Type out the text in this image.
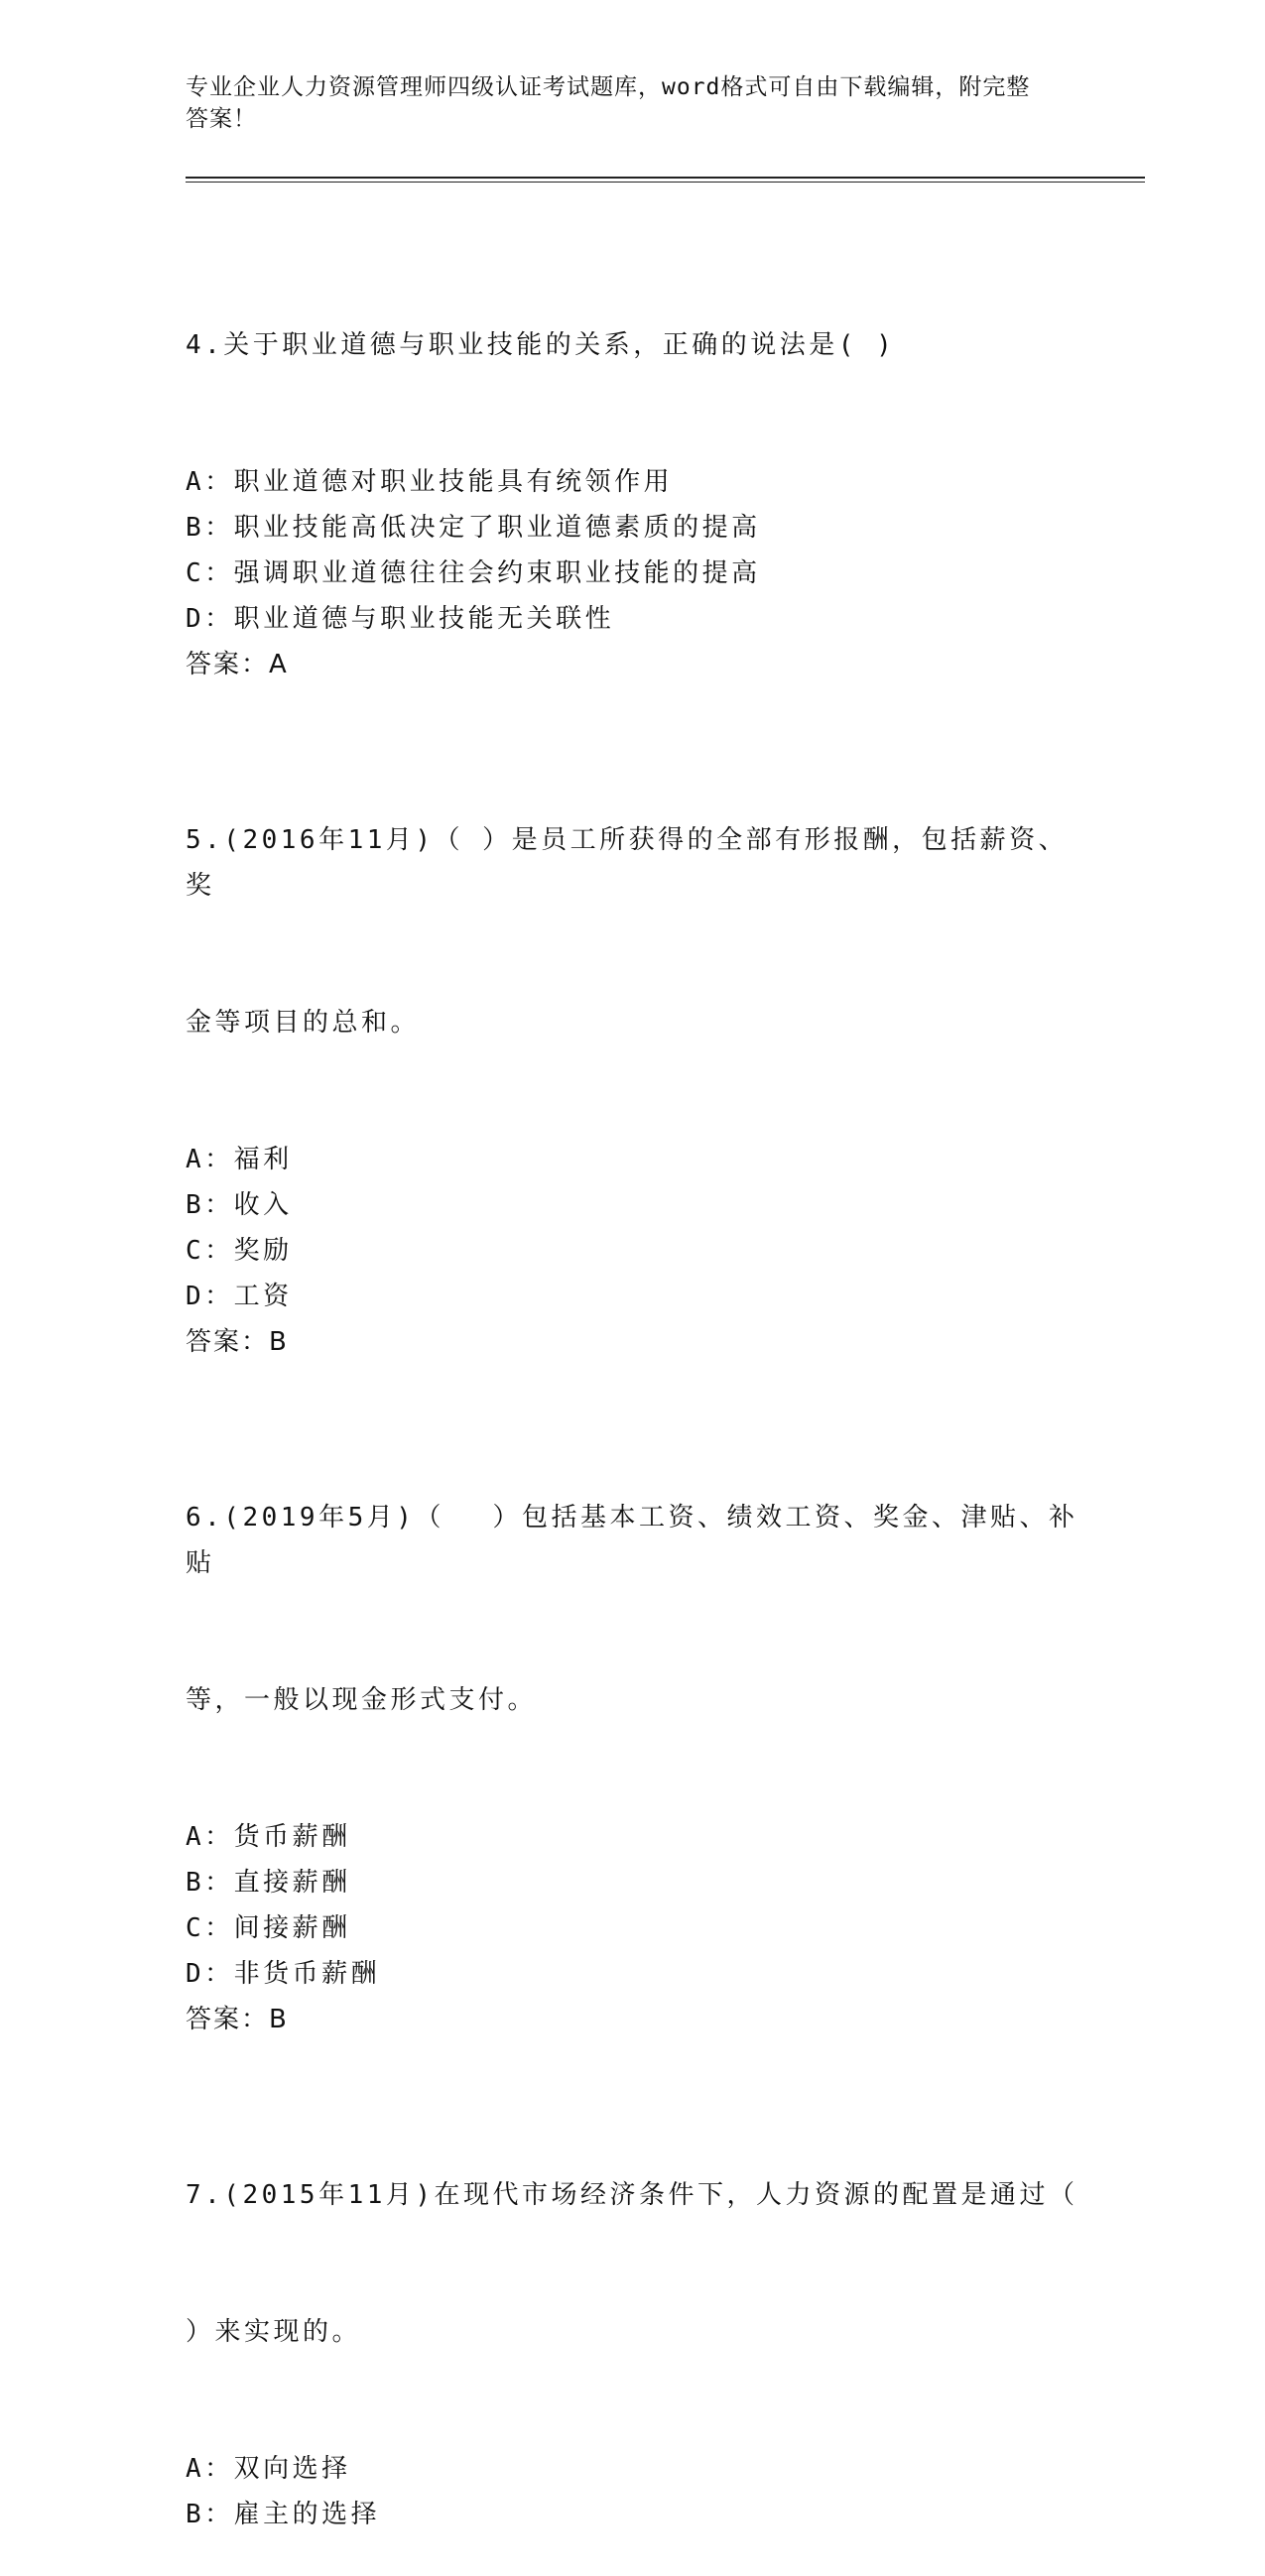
专业企业人力资源管理师四级认证考试题库，word格式可自由下载编辑，附完整
答案！

4.关于职业道德与职业技能的关系，正确的说法是( )

A：职业道德对职业技能具有统领作用
B：职业技能高低决定了职业道德素质的提高
C：强调职业道德往往会约束职业技能的提高
D：职业道德与职业技能无关联性
答案：A

5.(2016年11月)（ ）是员工所获得的全部有形报酬，包括薪资、奖

金等项目的总和。

A：福利
B：收入
C：奖励
D：工资
答案：B

6.(2019年5月)（　 ）包括基本工资、绩效工资、奖金、津贴、补贴

等，一般以现金形式支付。

A：货币薪酬
B：直接薪酬
C：间接薪酬
D：非货币薪酬
答案：B

7.(2015年11月)在现代市场经济条件下，人力资源的配置是通过（

）来实现的。

A：双向选择
B：雇主的选择
